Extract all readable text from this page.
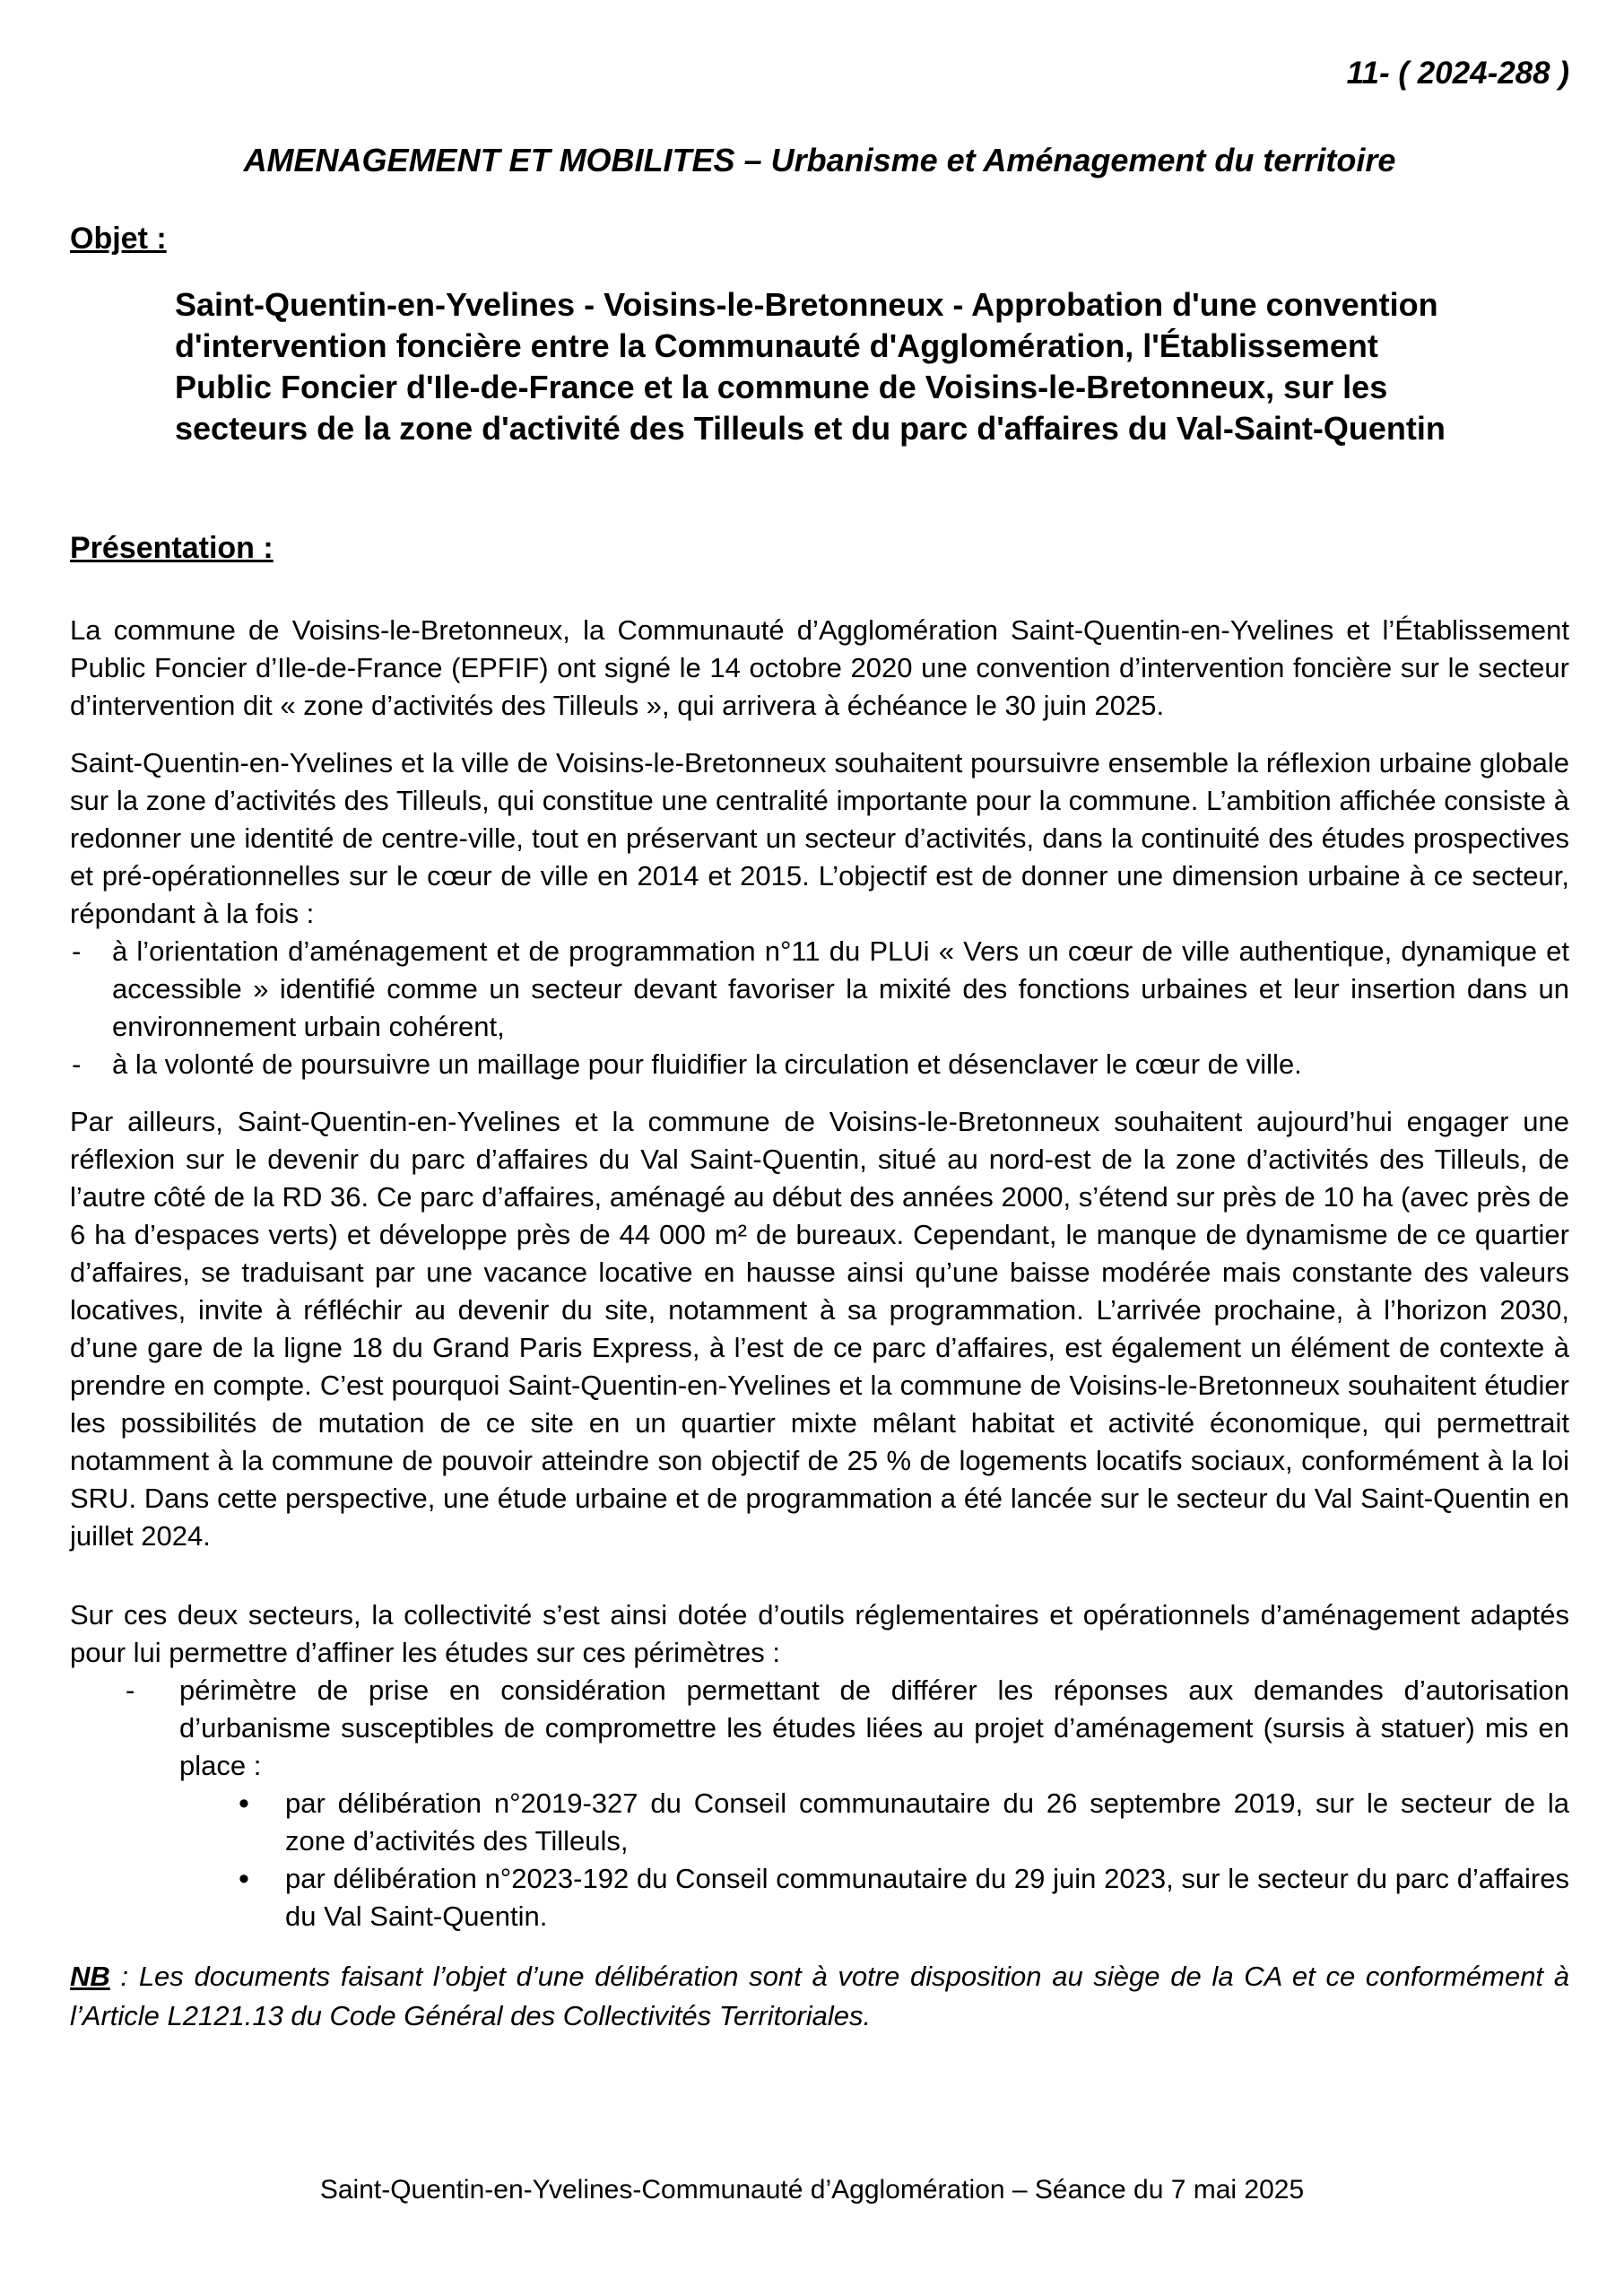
11- ( 2024-288 )
AMENAGEMENT ET MOBILITES – Urbanisme et Aménagement du territoire
Objet :
Saint-Quentin-en-Yvelines - Voisins-le-Bretonneux - Approbation d'une convention d'intervention foncière entre la Communauté d'Agglomération, l'Établissement Public Foncier d'Ile-de-France et la commune de Voisins-le-Bretonneux, sur les secteurs de la zone d'activité des Tilleuls et du parc d'affaires du Val-Saint-Quentin
Présentation :

La commune de Voisins-le-Bretonneux, la Communauté d’Agglomération Saint-Quentin-en-Yvelines et l’Établissement Public Foncier d’Ile-de-France (EPFIF) ont signé le 14 octobre 2020 une convention d’intervention foncière sur le secteur d’intervention dit « zone d’activités des Tilleuls », qui arrivera à échéance le 30 juin 2025.

Saint-Quentin-en-Yvelines et la ville de Voisins-le-Bretonneux souhaitent poursuivre ensemble la réflexion urbaine globale sur la zone d’activités des Tilleuls, qui constitue une centralité importante pour la commune. L’ambition affichée consiste à redonner une identité de centre-ville, tout en préservant un secteur d’activités, dans la continuité des études prospectives et pré-opérationnelles sur le cœur de ville en 2014 et 2015. L’objectif est de donner une dimension urbaine à ce secteur, répondant à la fois :

- à l’orientation d’aménagement et de programmation n°11 du PLUi « Vers un cœur de ville authentique, dynamique et accessible » identifié comme un secteur devant favoriser la mixité des fonctions urbaines et leur insertion dans un environnement urbain cohérent,
- à la volonté de poursuivre un maillage pour fluidifier la circulation et désenclaver le cœur de ville.

Par ailleurs, Saint-Quentin-en-Yvelines et la commune de Voisins-le-Bretonneux souhaitent aujourd’hui engager une réflexion sur le devenir du parc d’affaires du Val Saint-Quentin, situé au nord-est de la zone d’activités des Tilleuls, de l’autre côté de la RD 36. Ce parc d’affaires, aménagé au début des années 2000, s’étend sur près de 10 ha (avec près de 6 ha d’espaces verts) et développe près de 44 000 m² de bureaux. Cependant, le manque de dynamisme de ce quartier d’affaires, se traduisant par une vacance locative en hausse ainsi qu’une baisse modérée mais constante des valeurs locatives, invite à réfléchir au devenir du site, notamment à sa programmation. L’arrivée prochaine, à l’horizon 2030, d’une gare de la ligne 18 du Grand Paris Express, à l’est de ce parc d’affaires, est également un élément de contexte à prendre en compte. C’est pourquoi Saint-Quentin-en-Yvelines et la commune de Voisins-le-Bretonneux souhaitent étudier les possibilités de mutation de ce site en un quartier mixte mêlant habitat et activité économique, qui permettrait notamment à la commune de pouvoir atteindre son objectif de 25 % de logements locatifs sociaux, conformément à la loi SRU. Dans cette perspective, une étude urbaine et de programmation a été lancée sur le secteur du Val Saint-Quentin en juillet 2024.

Sur ces deux secteurs, la collectivité s’est ainsi dotée d’outils réglementaires et opérationnels d’aménagement adaptés pour lui permettre d’affiner les études sur ces périmètres :

- périmètre de prise en considération permettant de différer les réponses aux demandes d’autorisation d’urbanisme susceptibles de compromettre les études liées au projet d’aménagement (sursis à statuer) mis en place :
• par délibération n°2019-327 du Conseil communautaire du 26 septembre 2019, sur le secteur de la zone d’activités des Tilleuls,
• par délibération n°2023-192 du Conseil communautaire du 29 juin 2023, sur le secteur du parc d’affaires du Val Saint-Quentin.

NB : Les documents faisant l’objet d’une délibération sont à votre disposition au siège de la CA et ce conformément à l’Article L2121.13 du Code Général des Collectivités Territoriales.

Saint-Quentin-en-Yvelines-Communauté d’Agglomération – Séance du 7 mai 2025
